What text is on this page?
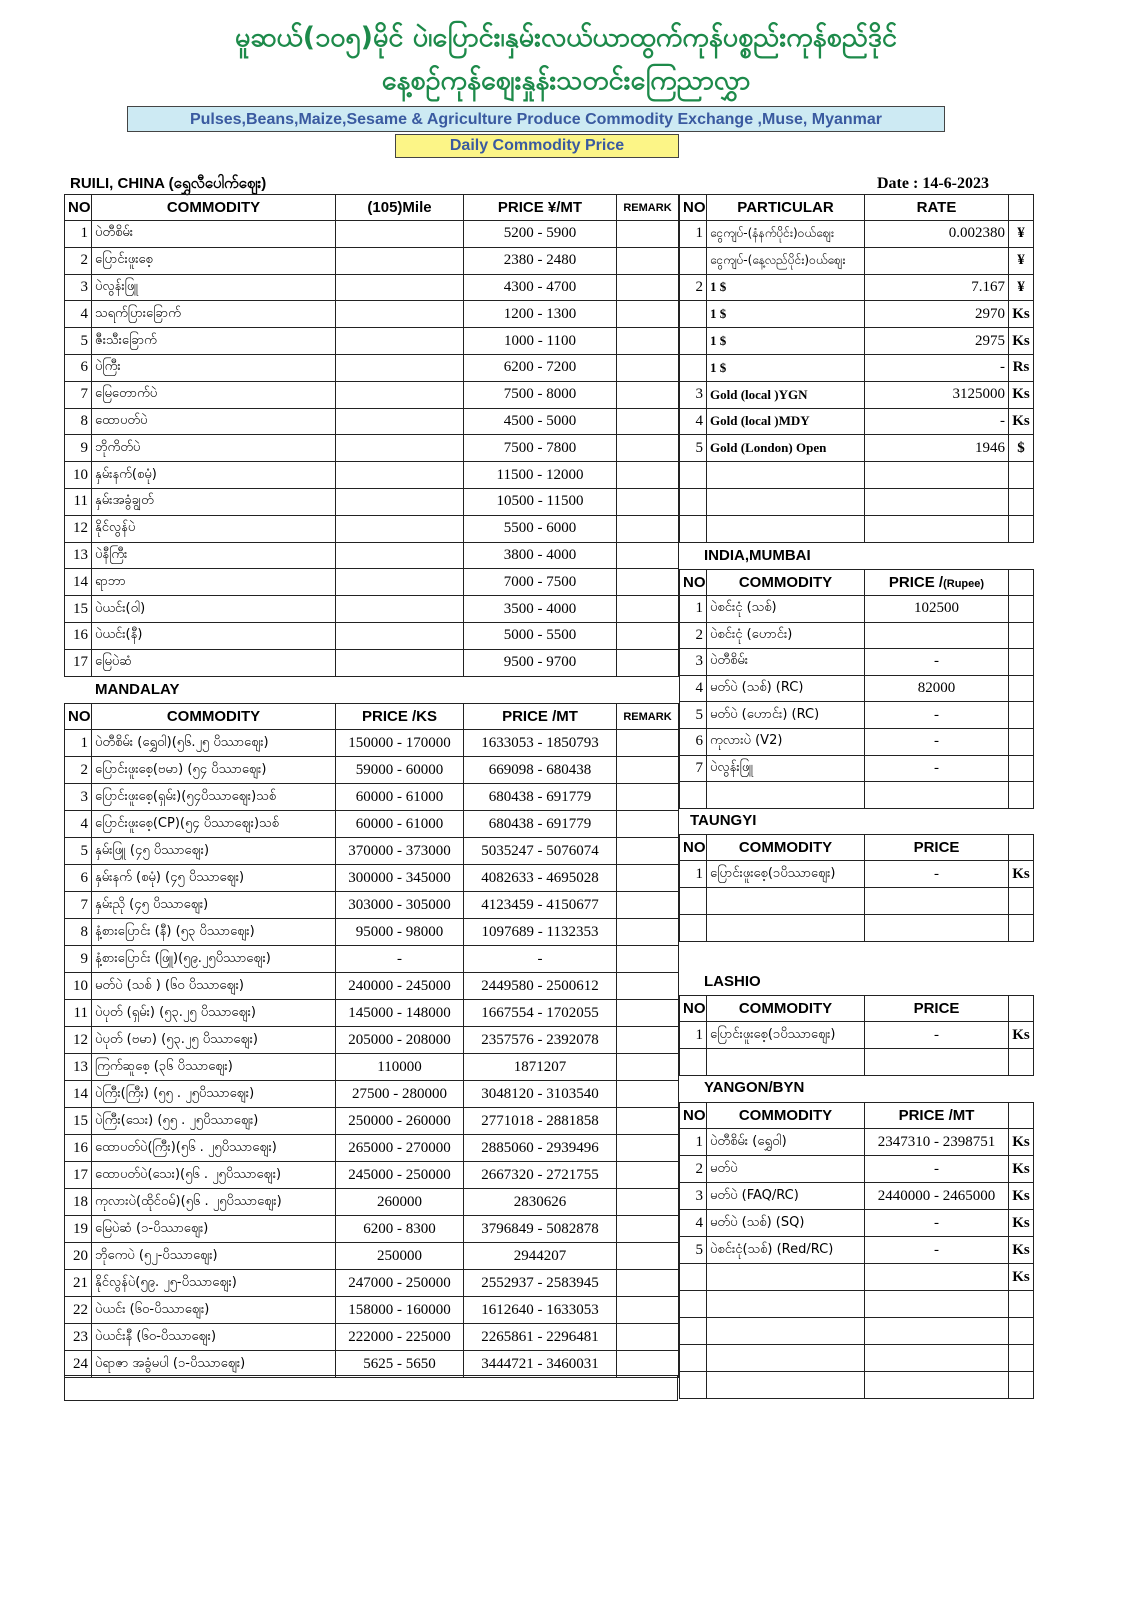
မူဆယ်(၁၀၅)မိုင် ပဲ၊ပြောင်း၊နှမ်းလယ်ယာထွက်ကုန်ပစ္စည်းကုန်စည်ဒိုင်
နေ့စဉ်ကုန်ဈေးနှုန်းသတင်းကြေညာလွှာ
Pulses,Beans,Maize,Sesame & Agriculture Produce Commodity Exchange ,Muse, Myanmar
Daily Commodity Price
RUILI, CHINA (ရွှေလီပေါက်ဈေး)	Date : 14-6-2023
NO	COMMODITY	(105)Mile	PRICE ¥/MT	REMARK
1	ပဲတီစိမ်း		5200 - 5900	
2	ပြောင်းဖူးစေ့		2380 - 2480	
3	ပဲလွန်းဖြူ		4300 - 4700	
4	သရက်ပြားခြောက်		1200 - 1300	
5	ဇီးသီးခြောက်		1000 - 1100	
6	ပဲကြီး		6200 - 7200	
7	မြေတောက်ပဲ		7500 - 8000	
8	ထောပတ်ပဲ		4500 - 5000	
9	ဘိုကိတ်ပဲ		7500 - 7800	
10	နှမ်းနက်(စမုံ)		11500 - 12000	
11	နှမ်းအခွံချွတ်		10500 - 11500	
12	နိုင်လွန်ပဲ		5500 - 6000	
13	ပဲနီကြီး		3800 - 4000	
14	ရာဘာ		7000 - 7500	
15	ပဲယင်း(ဝါ)		3500 - 4000	
16	ပဲယင်း(နီ)		5000 - 5500	
17	မြေပဲဆံ		9500 - 9700	
MANDALAY
NO	COMMODITY	PRICE /KS	PRICE /MT	REMARK
1	ပဲတီစိမ်း (ရွှေဝါ)(၅၆.၂၅ ပိဿာဈေး)	150000 - 170000	1633053 - 1850793	
2	ပြောင်းဖူးစေ့(ဗမာ) (၅၄ ပိဿာဈေး)	59000 - 60000	669098 - 680438	
3	ပြောင်းဖူးစေ့(ရှမ်း)(၅၄ပိဿာဈေး)သစ်	60000 - 61000	680438 - 691779	
4	ပြောင်းဖူးစေ့(CP)(၅၄ ပိဿာဈေး)သစ်	60000 - 61000	680438 - 691779	
5	နှမ်းဖြူ (၄၅ ပိဿာဈေး)	370000 - 373000	5035247 - 5076074	
6	နှမ်းနက် (စမုံ) (၄၅ ပိဿာဈေး)	300000 - 345000	4082633 - 4695028	
7	နှမ်းညို (၄၅ ပိဿာဈေး)	303000 - 305000	4123459 - 4150677	
8	နံ့စားပြောင်း (နီ) (၅၃ ပိဿာဈေး)	95000 - 98000	1097689 - 1132353	
9	နံ့စားပြောင်း (ဖြူ)(၅၉.၂၅ပိဿာဈေး)	-	-	
10	မတ်ပဲ (သစ် ) (၆၀ ပိဿာဈေး)	240000 - 245000	2449580 - 2500612	
11	ပဲပုတ် (ရှမ်း) (၅၃.၂၅ ပိဿာဈေး)	145000 - 148000	1667554 - 1702055	
12	ပဲပုတ် (ဗမာ) (၅၃.၂၅ ပိဿာဈေး)	205000 - 208000	2357576 - 2392078	
13	ကြက်ဆူစေ့ (၃၆ ပိဿာဈေး)	110000	1871207	
14	ပဲကြီး(ကြီး) (၅၅ . ၂၅ပိဿာဈေး)	27500 - 280000	3048120 - 3103540	
15	ပဲကြီး(သေး) (၅၅ . ၂၅ပိဿာဈေး)	250000 - 260000	2771018 - 2881858	
16	ထောပတ်ပဲ(ကြီး)(၅၆ . ၂၅ပိဿာဈေး)	265000 - 270000	2885060 - 2939496	
17	ထောပတ်ပဲ(သေး)(၅၆ . ၂၅ပိဿာဈေး)	245000 - 250000	2667320 - 2721755	
18	ကုလားပဲ(ထိုင်ဝမ်)(၅၆ . ၂၅ပိဿာဈေး)	260000	2830626	
19	မြေပဲဆံ (၁-ပိဿာဈေး)	6200 - 8300	3796849 - 5082878	
20	ဘိုကေပဲ (၅၂-ပိဿာဈေး)	250000	2944207	
21	နိုင်လွန်ပဲ(၅၉. ၂၅-ပိဿာဈေး)	247000 - 250000	2552937 - 2583945	
22	ပဲယင်း (၆၀-ပိဿာဈေး)	158000 - 160000	1612640 - 1633053	
23	ပဲယင်းနီ (၆၀-ပိဿာဈေး)	222000 - 225000	2265861 - 2296481	
24	ပဲရာဇာ အခွံမပါ (၁-ပိဿာဈေး)	5625 - 5650	3444721 - 3460031	
NO	PARTICULAR	RATE	
1	ငွေကျပ်-(နံနက်ပိုင်း)ဝယ်ဈေး	0.002380	¥
	ငွေကျပ်-(နေ့လည်ပိုင်း)ဝယ်ဈေး		¥
2	1 $	7.167	¥
	1 $	2970	Ks
	1 $	2975	Ks
	1 $	-	Rs
3	Gold (local )YGN	3125000	Ks
4	Gold (local )MDY	-	Ks
5	Gold (London) Open	1946	$

INDIA,MUMBAI
NO	COMMODITY	PRICE /(Rupee)	
1	ပဲစင်းငုံ (သစ်)	102500	
2	ပဲစင်းငုံ (ဟောင်း)		
3	ပဲတီစိမ်း	-	
4	မတ်ပဲ (သစ်) (RC)	82000	
5	မတ်ပဲ (ဟောင်း) (RC)	-	
6	ကုလားပဲ (V2)	-	
7	ပဲလွန်းဖြူ	-	

TAUNGYI
NO	COMMODITY	PRICE	
1	ပြောင်းဖူးစေ့(၁ပိဿာဈေး)	-	Ks

LASHIO
NO	COMMODITY	PRICE	
1	ပြောင်းဖူးစေ့(၁ပိဿာဈေး)	-	Ks

YANGON/BYN
NO	COMMODITY	PRICE /MT	
1	ပဲတီစိမ်း (ရွှေဝါ)	2347310 - 2398751	Ks
2	မတ်ပဲ	-	Ks
3	မတ်ပဲ (FAQ/RC)	2440000 - 2465000	Ks
4	မတ်ပဲ (သစ်) (SQ)	-	Ks
5	ပဲစင်းငုံ(သစ်) (Red/RC)	-	Ks
			Ks
